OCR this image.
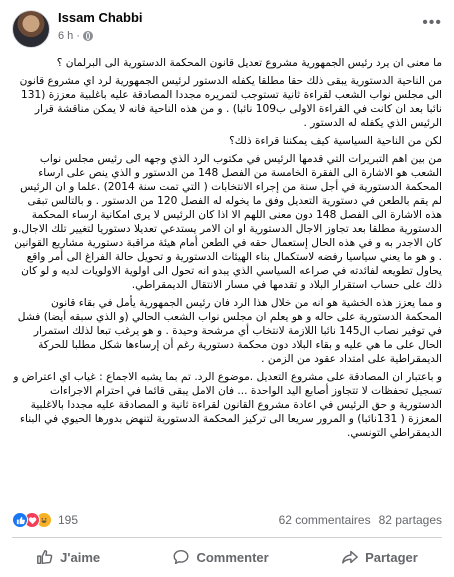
Issam Chabbi
6 h ·
•••

ما معنى ان يرد رئيس الجمهورية مشروع تعديل قانون المحكمة الدستورية الى البرلمان ؟

من الناحية الدستورية يبقى ذلك حقا مطلقا يكفله الدستور لرئيس الجمهورية لرد اي مشروع قانون الى مجلس نواب الشعب لقراءة ثانية تستوجب لتمريره مجددا المصادقة عليه باغلبية معززة (131 نائبا بعد ان كانت في القراءة الاولى ب109 نائبا) . و من هذه الناحية فانه لا يمكن مناقشة قرار الرئيس الذي يكفله له الدستور .

لكن من الناحية السياسية كيف يمكننا قراءة ذلك؟

من بين اهم التبريرات التي قدمها الرئيس في مكتوب الرد الذي وجهه الى رئيس مجلس نواب الشعب هو الاشارة الى الفقرة الخامسة من الفصل 148 من الدستور و الذي ينص على ارساء المحكمة الدستورية في أجل سنة من إجراء الانتخابات ( التي تمت سنة 2014) .علما و ان الرئيس لم يقم بالطعن في دستورية التعديل وفق ما يخوله له الفصل 120 من الدستور . و بالتالس تبقى هذه الاشارة الى الفصل 148 دون معنى اللهم الا اذا كان الرئيس لا يرى امكانية ارساء المحكمة الدستورية مطلقا بعد تجاوز الاجال الدستورية او ان الامر يستدعي تعديلا دستوريا لتغيير تلك الاجال.و كان الاجدر به و في هذه الحال إستعمال حقه في الطعن أمام هيئة مراقبة دستورية مشاريع القوانين . و هو ما يعني سياسيا رفضه لاستكمال بناء الهيئات الدستورية و تحويل حالة الفراغ الى أمر واقع يحاول تطويعه لفائدته في صراعه السياسي الذي يبدو انه تحول الى اولوية الاولويات لديه و لو كان ذلك على حساب استقرار البلاد و تقدمها في مسار الانتقال الديمقراطي.

و مما يعزز هذه الخشية هو انه من خلال هذا الرد فان رئيس الجمهورية يأمل في بقاء قانون المحكمة الدستورية على حاله و هو يعلم ان مجلس نواب الشعب الحالي (و الذي سبقه أيضا) فشل في توفير نصاب ال145 نائبا اللازمة لانتخاب أي مرشحة وحيدة . و هو يرغب تبعا لذلك استمرار الحال على ما هي عليه و بقاء البلاد دون محكمة دستورية رغم أن إرساءها شكل مطلبا للحركة الديمقراطية على امتداد عقود من الزمن .

و باعتبار ان المصادقة على مشروع التعديل .موضوع الرد. تم بما يشبه الاجماع : غياب اي اعتراض و تسجيل تحفظات لا تتجاوز أصابع اليد الواحدة ... فان الامل يبقى قائما في احترام الاجراءات الدستورية و حق الرئيس في اعادة مشروع القانون لقراءة ثانية و المصادقة عليه مجددا بالاغلبية المعززة ( 131نائبا) و المرور سريعا الى تركيز المحكمة الدستورية لتنهض بدورها الحيوي في البناء الديمقراطي التونسي.

195	62 commentaires 82 partages
J'aime	Commenter	Partager
